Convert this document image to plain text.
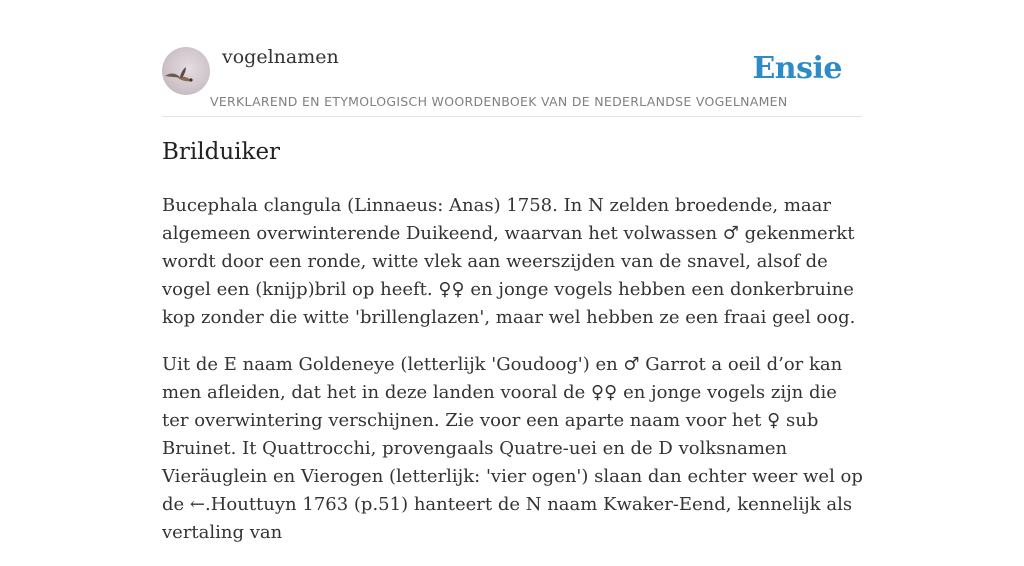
vogelnamen	Ensie
VERKLAREND EN ETYMOLOGISCH WOORDENBOEK VAN DE NEDERLANDSE VOGELNAMEN
Brilduiker

Bucephala clangula (Linnaeus: Anas) 1758. In N zelden broedende, maar algemeen overwinterende Duikeend, waarvan het volwassen ♂ gekenmerkt wordt door een ronde, witte vlek aan weerszijden van de snavel, alsof de vogel een (knijp)bril op heeft. ♀♀ en jonge vogels hebben een donkerbruine kop zonder die witte 'brillenglazen', maar wel hebben ze een fraai geel oog.

Uit de E naam Goldeneye (letterlijk 'Goudoog') en ♂ Garrot a oeil d’or kan men afleiden, dat het in deze landen vooral de ♀♀ en jonge vogels zijn die ter overwintering verschijnen. Zie voor een aparte naam voor het ♀ sub Bruinet. It Quattrocchi, provengaals Quatre-uei en de D volksnamen Vieräuglein en Vierogen (letterlijk: 'vier ogen') slaan dan echter weer wel op de ←.Houttuyn 1763 (p.51) hanteert de N naam Kwaker-Eend, kennelijk als vertaling van
